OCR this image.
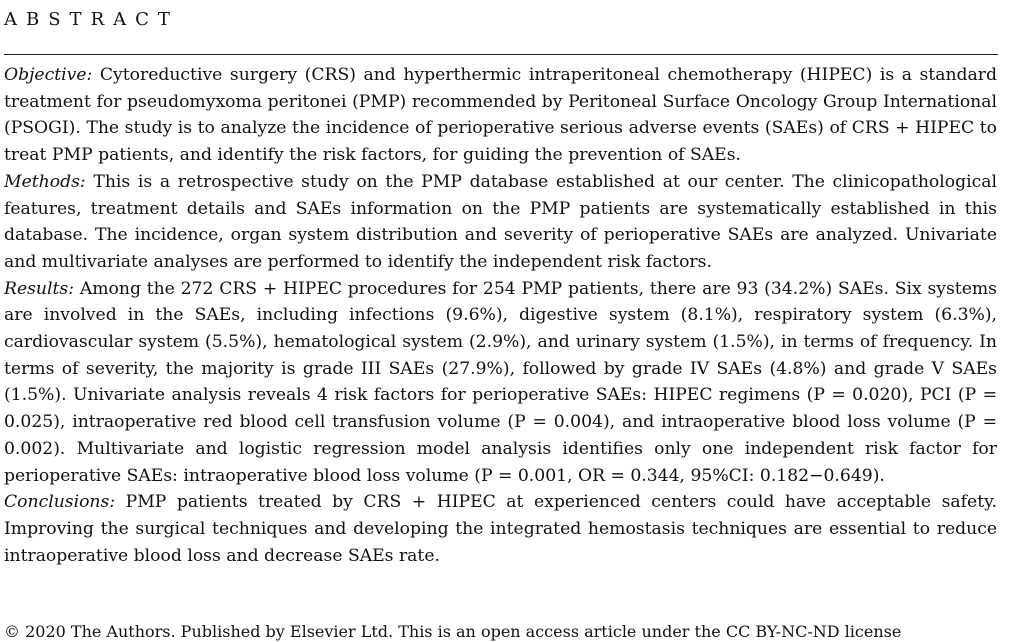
ABSTRACT

Objective: Cytoreductive surgery (CRS) and hyperthermic intraperitoneal chemotherapy (HIPEC) is a standard treatment for pseudomyxoma peritonei (PMP) recommended by Peritoneal Surface Oncology Group International (PSOGI). The study is to analyze the incidence of perioperative serious adverse events (SAEs) of CRS + HIPEC to treat PMP patients, and identify the risk factors, for guiding the prevention of SAEs.

Methods: This is a retrospective study on the PMP database established at our center. The clinicopathological features, treatment details and SAEs information on the PMP patients are systematically established in this database. The incidence, organ system distribution and severity of perioperative SAEs are analyzed. Univariate and multivariate analyses are performed to identify the independent risk factors.

Results: Among the 272 CRS + HIPEC procedures for 254 PMP patients, there are 93 (34.2%) SAEs. Six systems are involved in the SAEs, including infections (9.6%), digestive system (8.1%), respiratory system (6.3%), cardiovascular system (5.5%), hematological system (2.9%), and urinary system (1.5%), in terms of frequency. In terms of severity, the majority is grade III SAEs (27.9%), followed by grade IV SAEs (4.8%) and grade V SAEs (1.5%). Univariate analysis reveals 4 risk factors for perioperative SAEs: HIPEC regimens (P = 0.020), PCI (P = 0.025), intraoperative red blood cell transfusion volume (P = 0.004), and intraoperative blood loss volume (P = 0.002). Multivariate and logistic regression model analysis identifies only one independent risk factor for perioperative SAEs: intraoperative blood loss volume (P = 0.001, OR = 0.344, 95%CI: 0.182−0.649).

Conclusions: PMP patients treated by CRS + HIPEC at experienced centers could have acceptable safety. Improving the surgical techniques and developing the integrated hemostasis techniques are essential to reduce intraoperative blood loss and decrease SAEs rate.

© 2020 The Authors. Published by Elsevier Ltd. This is an open access article under the CC BY-NC-ND license
